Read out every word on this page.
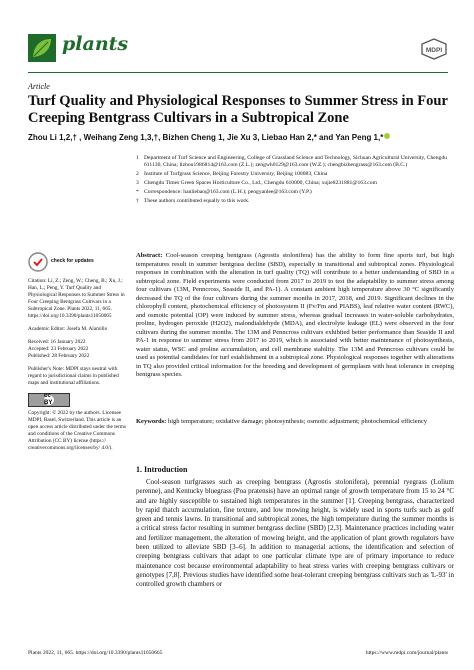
plants	MDPI
Article
Turf Quality and Physiological Responses to Summer Stress in Four Creeping Bentgrass Cultivars in a Subtropical Zone
Zhou Li 1,2,† , Weihang Zeng 1,3,†, Bizhen Cheng 1, Jie Xu 3, Liebao Han 2,* and Yan Peng 1,*
1 Department of Turf Science and Engineering, College of Grassland Science and Technology, Sichuan Agricultural University, Chengdu 611130, China; lizhou1986814@163.com (Z.L.); zengwh0129@163.com (W.Z.); chengbizhengrass@163.com (B.C.)
2 Institute of Turfgrass Science, Beijing Forestry University, Beijing 100083, China
3 Chengdu Times Green Spaces Horticulture Co., Ltd., Chengdu 610000, China; xujie8231881@163.com
* Correspondence: hanliebao@163.com (L.H.); pengyanlee@163.com (Y.P.)
† These authors contributed equally to this work.
Abstract: Cool-season creeping bentgrass (Agrostis stolonifera) has the ability to form fine sports turf, but high temperatures result in summer bentgrass decline (SBD), especially in transitional and subtropical zones. Physiological responses in combination with the alteration in turf quality (TQ) will contribute to a better understanding of SBD in a subtropical zone. Field experiments were conducted from 2017 to 2019 to test the adaptability to summer stress among four cultivars (13M, Penncross, Seaside II, and PA-1). A constant ambient high temperature above 30 °C significantly decreased the TQ of the four cultivars during the summer months in 2017, 2018, and 2019. Significant declines in the chlorophyll content, photochemical efficiency of photosystem II (Fv/Fm and PIABS), leaf relative water content (RWC), and osmotic potential (OP) were induced by summer stress, whereas gradual increases in water-soluble carbohydrates, proline, hydrogen peroxide (H2O2), malondialdehyde (MDA), and electrolyte leakage (EL) were observed in the four cultivars during the summer months. The 13M and Penncross cultivars exhibited better performance than Seaside II and PA-1 in response to summer stress from 2017 to 2019, which is associated with better maintenance of photosynthesis, water status, WSC and proline accumulation, and cell membrane stability. The 13M and Penncross cultivars could be used as potential candidates for turf establishment in a subtropical zone. Physiological responses together with alterations in TQ also provided critical information for the breeding and development of germplasm with heat tolerance in creeping bentgrass species.
Keywords: high temperature; oxidative damage; photosynthesis; osmotic adjustment; photochemical efficiency
check for updates
Citation: Li, Z.; Zeng, W.; Cheng, B.; Xu, J.; Han, L.; Peng, Y. Turf Quality and Physiological Responses to Summer Stress in Four Creeping Bentgrass Cultivars in a Subtropical Zone. Plants 2022, 11, 665. https://doi.org/10.3390/plants11050665
Academic Editor: Josefa M. Alamillo
Received: 16 January 2022
Accepted: 23 February 2022
Published: 28 February 2022
Publisher's Note: MDPI stays neutral with regard to jurisdictional claims in published maps and institutional affiliations.
cc BY
Copyright: © 2022 by the authors. Licensee MDPI, Basel, Switzerland. This article is an open access article distributed under the terms and conditions of the Creative Commons Attribution (CC BY) license (https:// creativecommons.org/licenses/by/ 4.0/).
1. Introduction
Cool-season turfgrasses such as creeping bentgrass (Agrostis stolonifera), perennial ryegrass (Lolium perenne), and Kentucky bluegrass (Poa pratensis) have an optimal range of growth temperature from 15 to 24 °C and are highly susceptible to sustained high temperatures in the summer [1]. Creeping bentgrass, characterized by rapid thatch accumulation, fine texture, and low mowing height, is widely used in sports turfs such as golf green and tennis lawns. In transitional and subtropical zones, the high temperature during the summer months is a critical stress factor resulting in summer bentgrass decline (SBD) [2,3]. Maintenance practices including water and fertilizer management, the alteration of mowing height, and the application of plant growth regulators have been utilized to alleviate SBD [3–6]. In addition to managerial actions, the identification and selection of creeping bentgrass cultivars that adapt to one particular climate type are of primary importance to reduce maintenance cost because environmental adaptability to heat stress varies with creeping bentgrass cultivars or genotypes [7,8]. Previous studies have identified some heat-tolerant creeping bentgrass cultivars such as 'L-93' in controlled growth chambers or
Plants 2022, 11, 665. https://doi.org/10.3390/plants11050665	https://www.mdpi.com/journal/plants
